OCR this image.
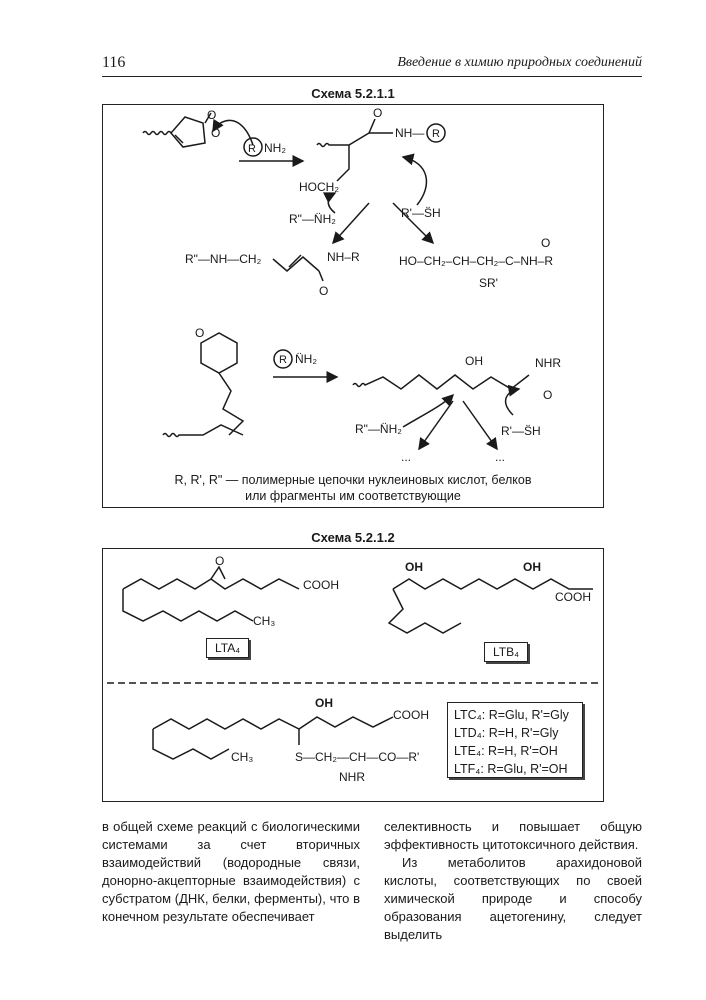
116	Введение в химию природных соединений
Схема 5.2.1.1
O
O
R NH₂
O
NH— R
HOCH₂
R"—N̈H₂	R'—S̈H
R"—NH—CH₂	NH–R
O
HO–CH₂–CH–CH₂–C–NH–R
O
SR'
O
R N̈H₂	OH	NHR
O
R"—N̈H₂	R'—S̈H
...	...
R, R', R" — полимерные цепочки нуклеиновых кислот, белков
или фрагменты им соответствующие
Схема 5.2.1.2
O
COOH
CH₃
OH	OH
COOH
OH
COOH
CH₃	S—CH₂—CH—CO—R'
NHR
LTA₄	LTB₄
LTC₄: R=Glu, R'=Gly
LTD₄: R=H, R'=Gly
LTE₄: R=H, R'=OH
LTF₄: R=Glu, R'=OH

в общей схеме реакций с биологическими системами за счет вторичных взаимодействий (водородные связи, донорно-акцепторные взаимодействия) с субстратом (ДНК, белки, ферменты), что в конечном результате обеспечивает

селективность и повышает общую эффективность цитотоксичного действия.

Из метаболитов арахидоновой кислоты, соответствующих по своей химической природе и способу образования ацетогенину, следует выделить
